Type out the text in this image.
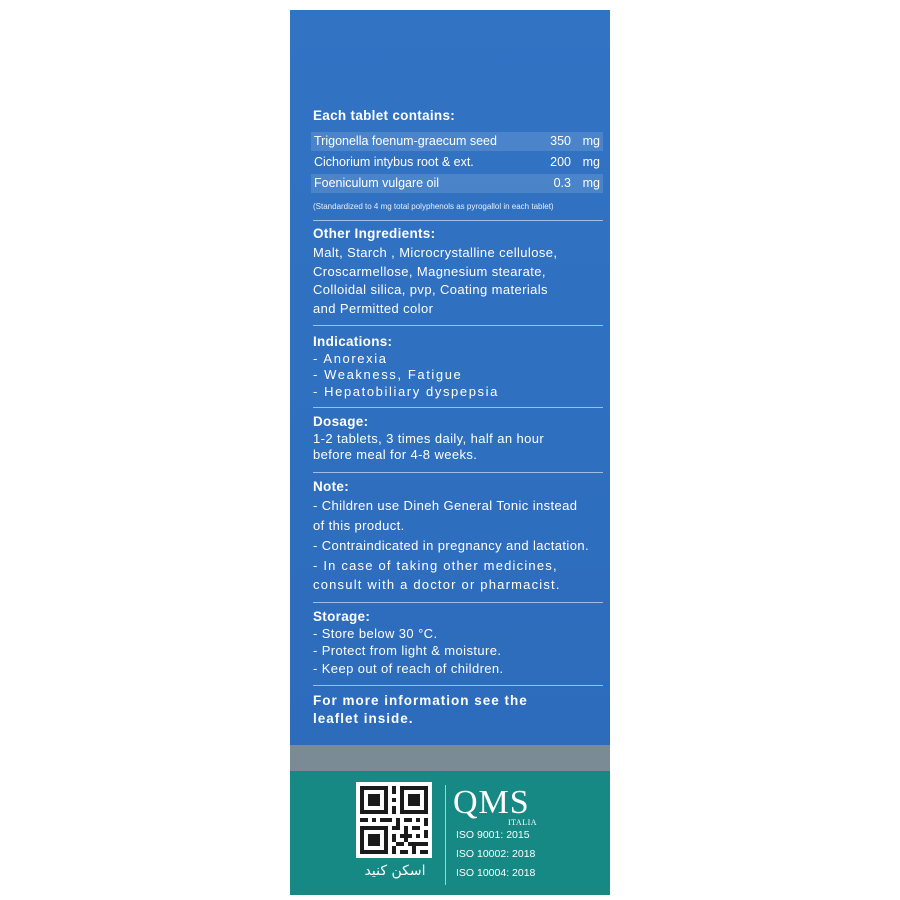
Each tablet contains:
Trigonella foenum-graecum seed	350 mg
Cichorium intybus root & ext.	200 mg
Foeniculum vulgare oil	0.3 mg
(Standardized to 4 mg total polyphenols as pyrogallol in each tablet)
Other Ingredients:
Malt, Starch , Microcrystalline cellulose,
Croscarmellose, Magnesium stearate,
Colloidal silica, pvp, Coating materials
and Permitted color
Indications:
- Anorexia
- Weakness, Fatigue
- Hepatobiliary dyspepsia
Dosage:
1-2 tablets, 3 times daily, half an hour
before meal for 4-8 weeks.
Note:
- Children use Dineh General Tonic instead
of this product.
- Contraindicated in pregnancy and lactation.
- In case of taking other medicines,
consult with a doctor or pharmacist.
Storage:
- Store below 30 °C.
- Protect from light & moisture.
- Keep out of reach of children.
For more information see the
leaflet inside.
اسکن کنید
QMS
ITALIA
ISO 9001: 2015
ISO 10002: 2018
ISO 10004: 2018
